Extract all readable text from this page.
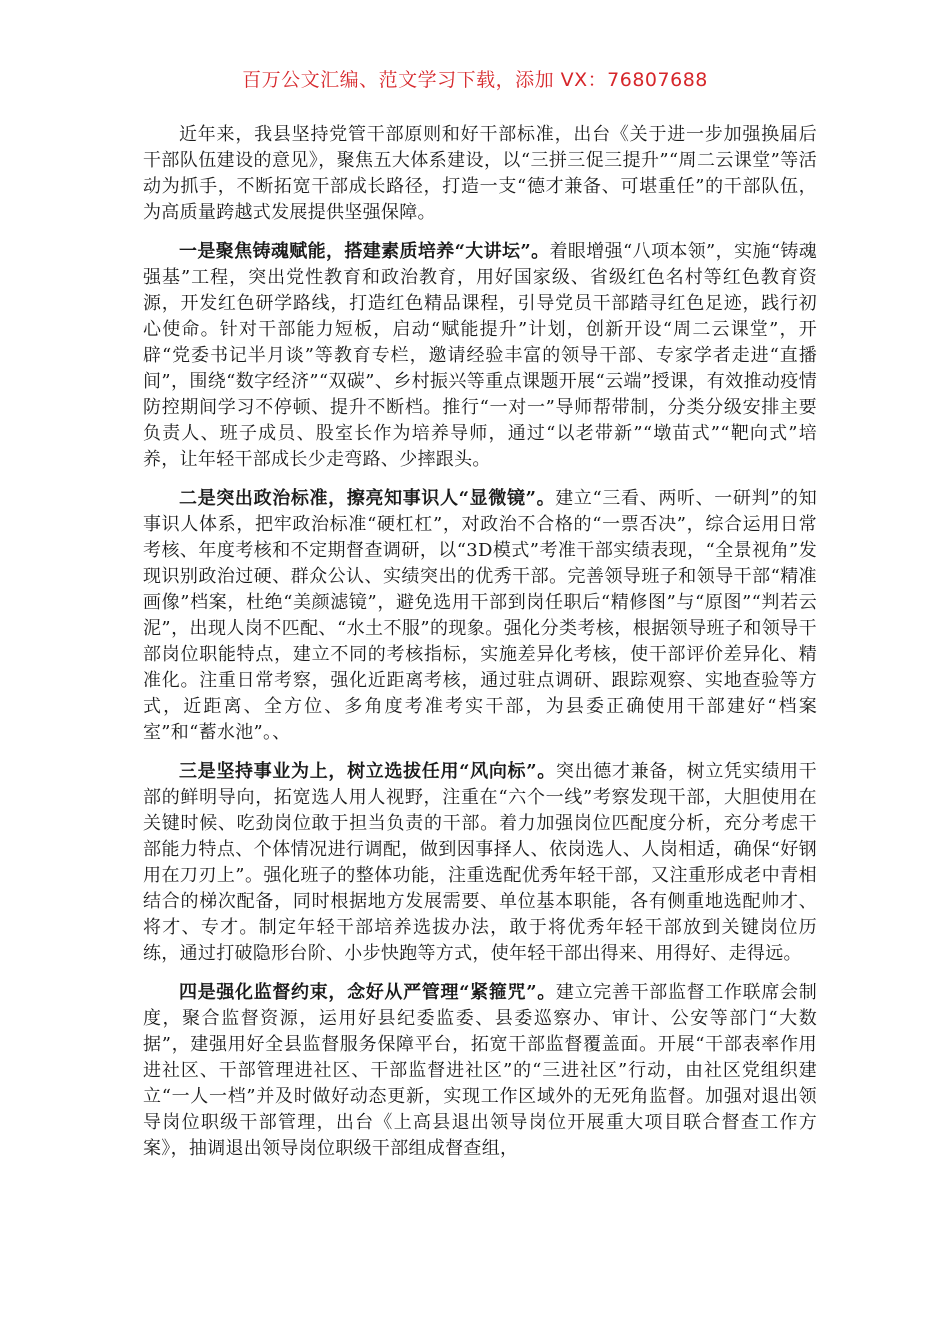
百万公文汇编、范文学习下载，添加 VX：76807688

近年来，我县坚持党管干部原则和好干部标准，出台《关于进一步加强换届后干部队伍建设的意见》，聚焦五大体系建设，以“三拼三促三提升”“周二云课堂”等活动为抓手，不断拓宽干部成长路径，打造一支“德才兼备、可堪重任”的干部队伍，为高质量跨越式发展提供坚强保障。

一是聚焦铸魂赋能，搭建素质培养“大讲坛”。着眼增强“八项本领”，实施“铸魂强基”工程，突出党性教育和政治教育，用好国家级、省级红色名村等红色教育资源，开发红色研学路线，打造红色精品课程，引导党员干部踏寻红色足迹，践行初心使命。针对干部能力短板，启动“赋能提升”计划，创新开设“周二云课堂”，开辟“党委书记半月谈”等教育专栏，邀请经验丰富的领导干部、专家学者走进“直播间”，围绕“数字经济”“双碳”、乡村振兴等重点课题开展“云端”授课，有效推动疫情防控期间学习不停顿、提升不断档。推行“一对一”导师帮带制，分类分级安排主要负责人、班子成员、股室长作为培养导师，通过“以老带新”“墩苗式”“靶向式”培养，让年轻干部成长少走弯路、少摔跟头。

二是突出政治标准，擦亮知事识人“显微镜”。建立“三看、两听、一研判”的知事识人体系，把牢政治标准“硬杠杠”，对政治不合格的“一票否决”，综合运用日常考核、年度考核和不定期督查调研，以“3D模式”考准干部实绩表现，“全景视角”发现识别政治过硬、群众公认、实绩突出的优秀干部。完善领导班子和领导干部“精准画像”档案，杜绝“美颜滤镜”，避免选用干部到岗任职后“精修图”与“原图”“判若云泥”，出现人岗不匹配、“水土不服”的现象。强化分类考核，根据领导班子和领导干部岗位职能特点，建立不同的考核指标，实施差异化考核，使干部评价差异化、精准化。注重日常考察，强化近距离考核，通过驻点调研、跟踪观察、实地查验等方式，近距离、全方位、多角度考准考实干部，为县委正确使用干部建好“档案室”和“蓄水池”。、

三是坚持事业为上，树立选拔任用“风向标”。突出德才兼备，树立凭实绩用干部的鲜明导向，拓宽选人用人视野，注重在“六个一线”考察发现干部，大胆使用在关键时候、吃劲岗位敢于担当负责的干部。着力加强岗位匹配度分析，充分考虑干部能力特点、个体情况进行调配，做到因事择人、依岗选人、人岗相适，确保“好钢用在刀刃上”。强化班子的整体功能，注重选配优秀年轻干部，又注重形成老中青相结合的梯次配备，同时根据地方发展需要、单位基本职能，各有侧重地选配帅才、将才、专才。制定年轻干部培养选拔办法，敢于将优秀年轻干部放到关键岗位历练，通过打破隐形台阶、小步快跑等方式，使年轻干部出得来、用得好、走得远。

四是强化监督约束，念好从严管理“紧箍咒”。建立完善干部监督工作联席会制度，聚合监督资源，运用好县纪委监委、县委巡察办、审计、公安等部门“大数据”，建强用好全县监督服务保障平台，拓宽干部监督覆盖面。开展“干部表率作用进社区、干部管理进社区、干部监督进社区”的“三进社区”行动，由社区党组织建立“一人一档”并及时做好动态更新，实现工作区域外的无死角监督。加强对退出领导岗位职级干部管理，出台《上高县退出领导岗位开展重大项目联合督查工作方案》，抽调退出领导岗位职级干部组成督查组，
